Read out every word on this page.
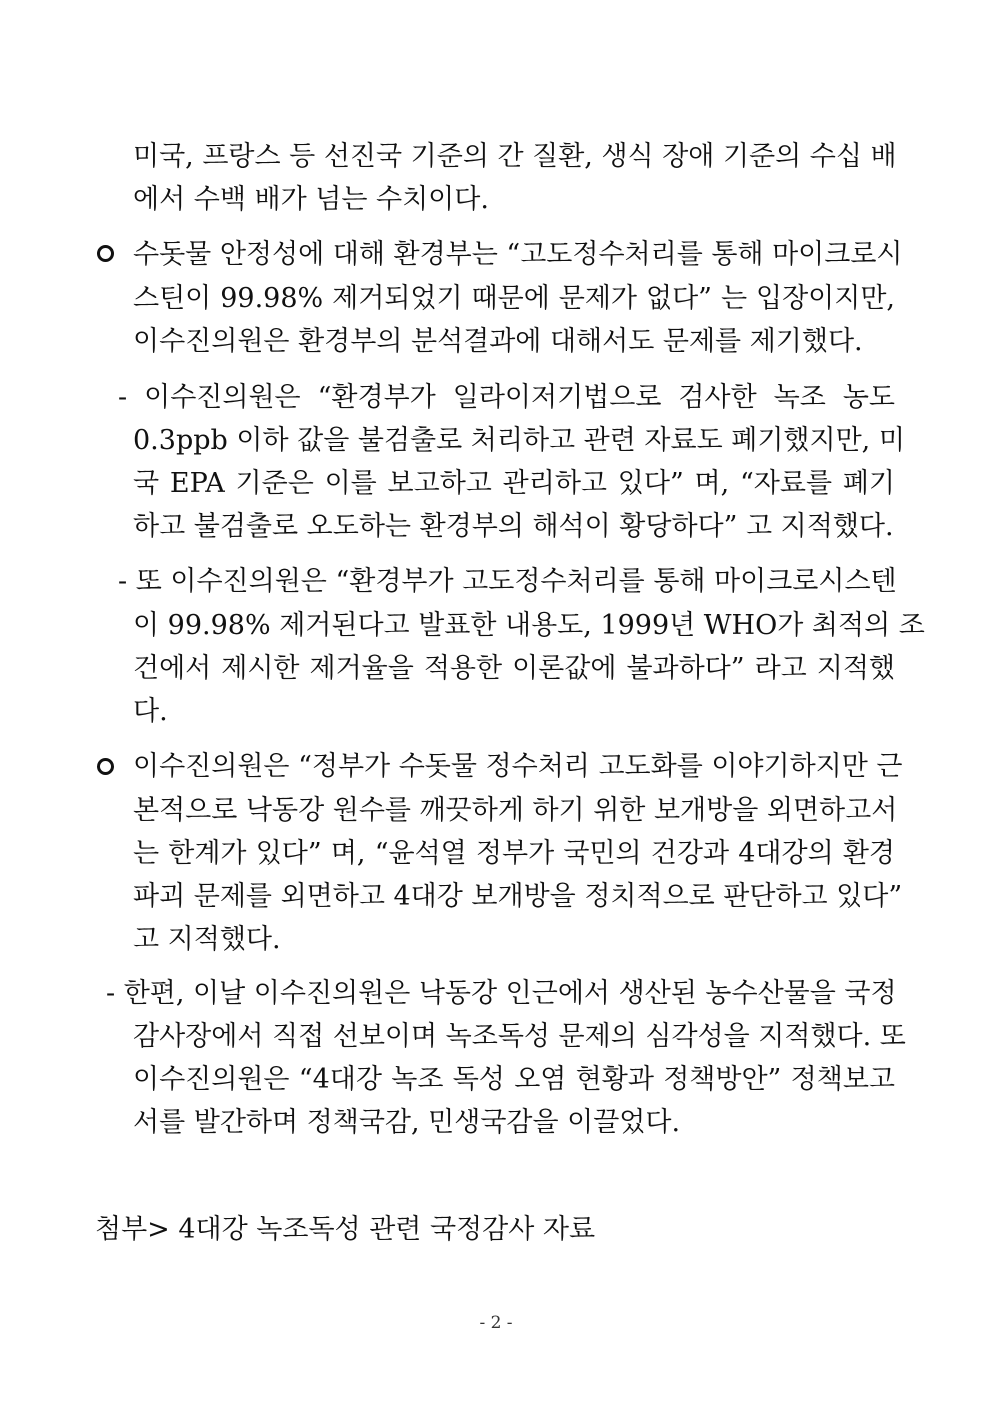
미국, 프랑스 등 선진국 기준의 간 질환, 생식 장애 기준의 수십 배
에서 수백 배가 넘는 수치이다.
수돗물 안정성에 대해 환경부는 “고도정수처리를 통해 마이크로시
스틴이 99.98% 제거되었기 때문에 문제가 없다” 는 입장이지만,
이수진의원은 환경부의 분석결과에 대해서도 문제를 제기했다.
- 이수진의원은 “환경부가 일라이저기법으로 검사한 녹조 농도
0.3ppb 이하 값을 불검출로 처리하고 관련 자료도 폐기했지만, 미
국 EPA 기준은 이를 보고하고 관리하고 있다” 며, “자료를 폐기
하고 불검출로 오도하는 환경부의 해석이 황당하다” 고 지적했다.
- 또 이수진의원은 “환경부가 고도정수처리를 통해 마이크로시스텐
이 99.98% 제거된다고 발표한 내용도, 1999년 WHO가 최적의 조
건에서 제시한 제거율을 적용한 이론값에 불과하다” 라고 지적했
다.
이수진의원은 “정부가 수돗물 정수처리 고도화를 이야기하지만 근
본적으로 낙동강 원수를 깨끗하게 하기 위한 보개방을 외면하고서
는 한계가 있다” 며, “윤석열 정부가 국민의 건강과 4대강의 환경
파괴 문제를 외면하고 4대강 보개방을 정치적으로 판단하고 있다”
고 지적했다.
- 한편, 이날 이수진의원은 낙동강 인근에서 생산된 농수산물을 국정
감사장에서 직접 선보이며 녹조독성 문제의 심각성을 지적했다. 또
이수진의원은 “4대강 녹조 독성 오염 현황과 정책방안” 정책보고
서를 발간하며 정책국감, 민생국감을 이끌었다.
첨부> 4대강 녹조독성 관련 국정감사 자료
- 2 -
